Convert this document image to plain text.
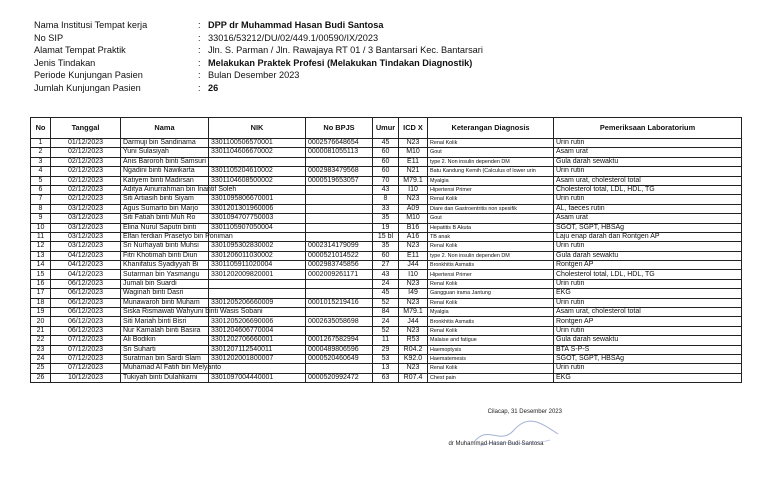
Nama Institusi Tempat kerja	: DPP dr Muhammad Hasan Budi Santosa
No SIP	: 33016/53212/DU/02/449.1/00590/IX/2023
Alamat Tempat Praktik	: Jln. S. Parman / Jln. Rawajaya RT 01 / 3 Bantarsari Kec. Bantarsari
Jenis Tindakan	: Melakukan Praktek Profesi (Melakukan Tindakan Diagnostik)
Periode Kunjungan Pasien	: Bulan Desember 2023
Jumlah Kunjungan Pasien	: 26
No	Tanggal	Nama	NIK	No BPJS	Umur	ICD X	Keterangan Diagnosis	Pemeriksaan Laboratorium
1	01/12/2023	Darmuji bin Sandinama	3301100506570001	0002576648654	45	N23	Renal Kolik	Urin rutin
2	02/12/2023	Yuni Sulasiyah	3301104606670002	0000081055113	60	M10	Gout	Asam urat
3	02/12/2023	Anis Baroroh binti Samsuri			60	E11	type 2. Non insulin dependen DM	Gula darah sewaktu
4	02/12/2023	Ngadini binti Nawikarta	3301105204610002	0002983479568	60	N21	Batu Kandung Kemih (Calculus of lower urin	Urin rutin
5	02/12/2023	Katiyem binti Madirsan	3301104608500002	0000519653057	70	M79.1	Myalgia	Asam urat, cholesterol total
6	02/12/2023	Aditya Ainurrahman bin Inantif Soleh			43	I10	Hipertensi Primer	Cholesterol total, LDL, HDL, TG
7	02/12/2023	Siti Artiasih binti Siyam	3301095806670001		8	N23	Renal Kolik	Urin rutin
8	03/12/2023	Agus Sumarto bin Marjo	3301201301960006		33	A09	Diare dan Gastroentritis non spesifik	AL, faeces rutin
9	03/12/2023	Siti Fatiah binti Muh Ro	3301094707750003		35	M10	Gout	Asam urat
10	03/12/2023	Elina Nurul Saputri binti	3301105907050004		19	B16	Hepatitis B Akuta	SGOT, SGPT, HBSAg
11	03/12/2023	Elfan ferdian Prasetyo bin Poniman			15 bl	A16	TB anak	Laju enap darah dan Rontgen AP
12	03/12/2023	Sri Nurhayati binti Muhsi	3301095302830002	0002314179099	35	N23	Renal Kolik	Urin rutin
13	04/12/2023	Fitri Khotimah binti Diun	3301206011030002	0000521014522	60	E11	type 2. Non insulin dependen DM	Gula darah sewaktu
14	04/12/2023	Khanifatus Syadiyyah Bi	3301105911020004	0002983745856	27	J44	Bronkhitis Asmatis	Rontgen AP
15	04/12/2023	Sutarman bin Yasmangu	3301202009820001	0002009261171	43	I10	Hipertensi Primer	Cholesterol total, LDL, HDL, TG
16	06/12/2023	Jumali bin Suardi			24	N23	Renal Kolik	Urin rutin
17	06/12/2023	Waginah binti Dasri			45	I49	Gangguan irama Jantung	EKG
18	06/12/2023	Munawaroh binti Muham	3301205206660009	0001015219416	52	N23	Renal Kolik	Urin rutin
19	06/12/2023	Siska Rismawati Wahyuni binti Wasis Sobani			84	M79.1	Myalgia	Asam urat, cholesterol total
20	06/12/2023	Siti Mariah binti Bisri	3301205206690006	0002635058698	24	J44	Bronkhitis Asmatis	Rontgen AP
21	06/12/2023	Nur Kamalah binti Basira	3301204606770004		52	N23	Renal Kolik	Urin rutin
22	07/12/2023	Ali Bodikin	3301202706660001	0001267582994	11	R53	Malaise and fatigue	Gula darah sewaktu
23	07/12/2023	Sri Suharti	3301207112540011	0000489806596	29	R04.2	Haemoptysis	BTA S-P-S
24	07/12/2023	Suratman bin Sardi Slam	3301202001800007	0000520460649	53	K92.0	Haematemesis	SGOT, SGPT, HBSAg
25	07/12/2023	Muhamad Al Fatih bin Melyanto			13	N23	Renal Kolik	Urin rutin
26	10/12/2023	Tukiyah binti Dulahkarni	3301097004440001	0000520992472	63	R07.4	Chest pain	EKG
Cilacap, 31 Desember 2023
dr Muhammad Hasan Budi Santosa
